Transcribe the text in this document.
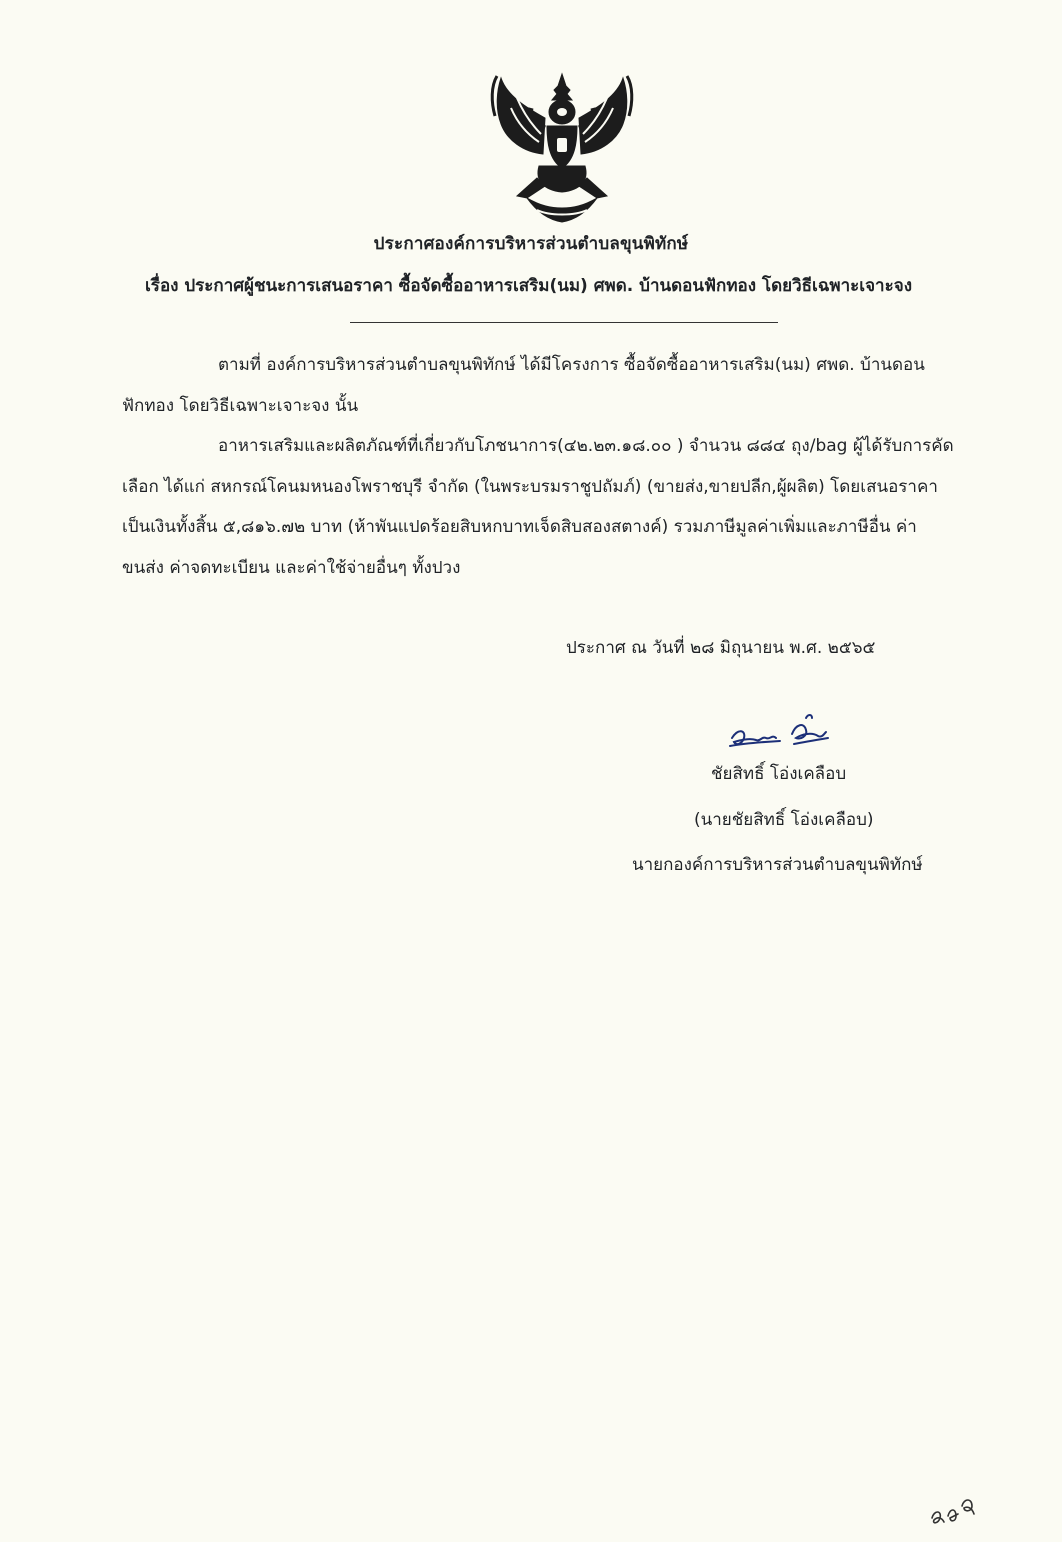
ประกาศองค์การบริหารส่วนตำบลขุนพิทักษ์
เรื่อง ประกาศผู้ชนะการเสนอราคา ซื้อจัดซื้ออาหารเสริม(นม) ศพด. บ้านดอนฟักทอง โดยวิธีเฉพาะเจาะจง

ตามที่ องค์การบริหารส่วนตำบลขุนพิทักษ์ ได้มีโครงการ ซื้อจัดซื้ออาหารเสริม(นม) ศพด. บ้านดอน
ฟักทอง โดยวิธีเฉพาะเจาะจง นั้น

อาหารเสริมและผลิตภัณฑ์ที่เกี่ยวกับโภชนาการ(๔๒.๒๓.๑๘.๐๐ ) จำนวน ๘๘๔ ถุง/bag ผู้ได้รับการคัด
เลือก ได้แก่ สหกรณ์โคนมหนองโพราชบุรี จำกัด (ในพระบรมราชูปถัมภ์) (ขายส่ง,ขายปลีก,ผู้ผลิต) โดยเสนอราคา
เป็นเงินทั้งสิ้น ๕,๘๑๖.๗๒ บาท (ห้าพันแปดร้อยสิบหกบาทเจ็ดสิบสองสตางค์) รวมภาษีมูลค่าเพิ่มและภาษีอื่น ค่า
ขนส่ง ค่าจดทะเบียน และค่าใช้จ่ายอื่นๆ ทั้งปวง

ประกาศ ณ วันที่ ๒๘ มิถุนายน พ.ศ. ๒๕๖๕
ชัยสิทธิ์ โอ่งเคลือบ
(นายชัยสิทธิ์ โอ่งเคลือบ)
นายกองค์การบริหารส่วนตำบลขุนพิทักษ์
